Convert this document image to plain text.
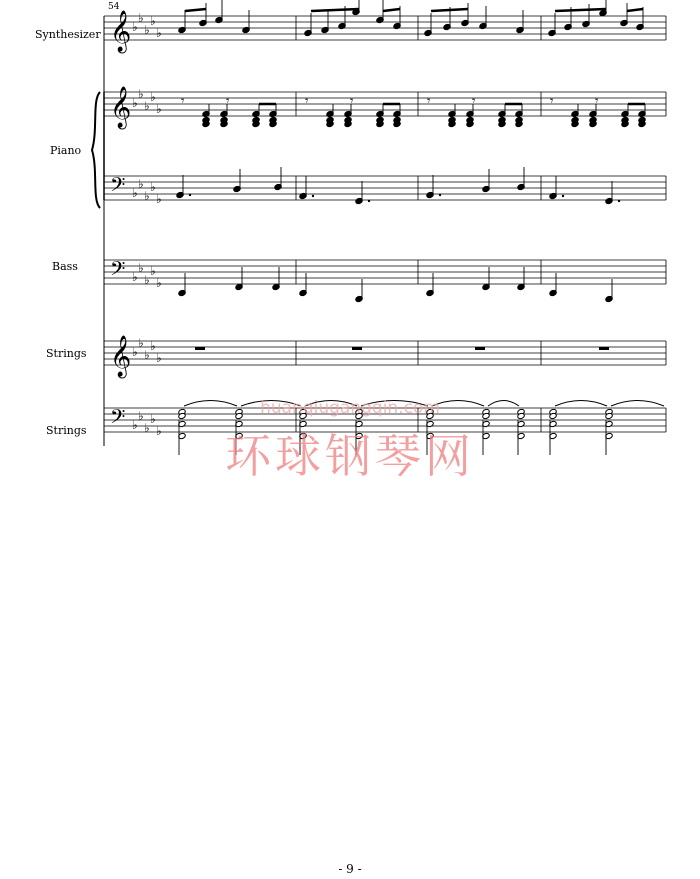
54
Synthesizer
Piano
Bass
Strings
Strings
𝄞 ♭
♭
♭
♭
♭
𝄞 ♭
♭
♭
♭
♭
𝄢 ♭
♭
♭
♭
♭
𝄢 ♭
♭
♭
♭
♭
𝄞 ♭
♭
♭
♭
♭
𝄢 ♭
♭
♭
♭
♭
𝄾	𝄾	𝄾	𝄾	𝄾	𝄾	𝄾	𝄾
huanqiugangqin.com
环球钢琴网
- 9 -
